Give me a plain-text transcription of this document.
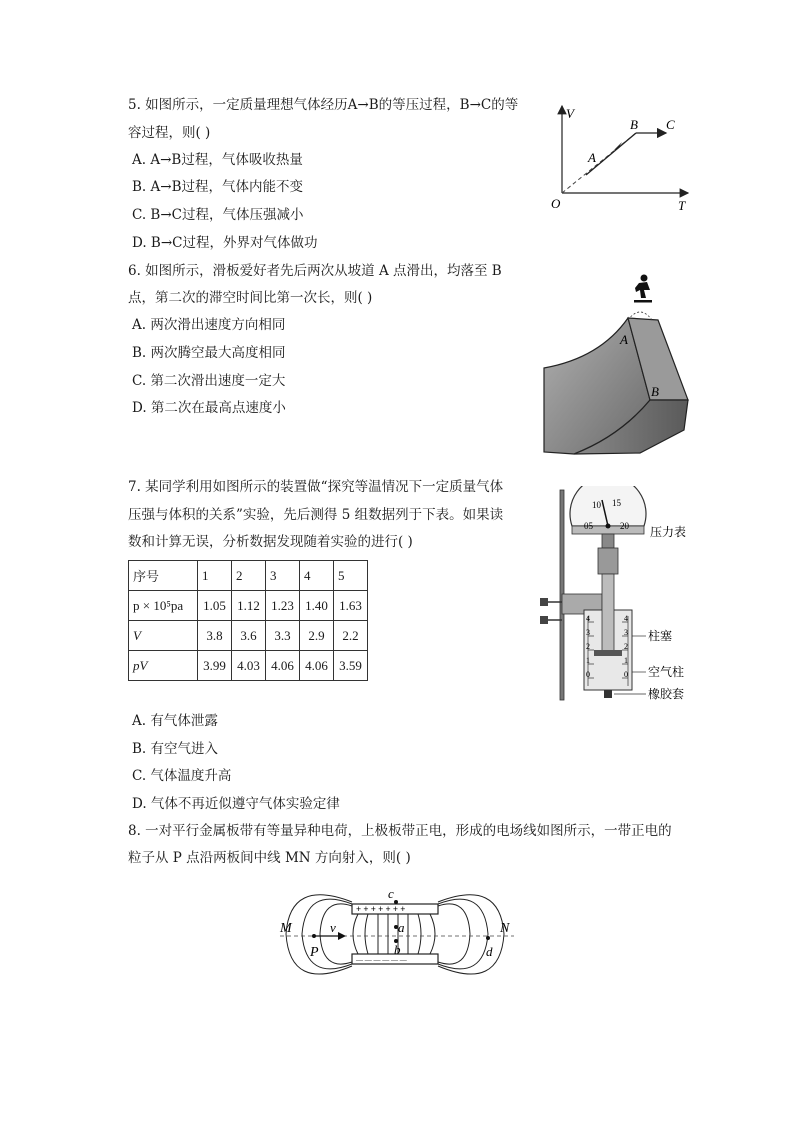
5. 如图所示，一定质量理想气体经历A→B的等压过程，B→C的等
容过程，则( )
A. A→B过程，气体吸收热量
B. A→B过程，气体内能不变
C. B→C过程，气体压强减小
D. B→C过程，外界对气体做功
V
T
O
A
B C
6. 如图所示，滑板爱好者先后两次从坡道 A 点滑出，均落至 B
点，第二次的滞空时间比第一次长，则( )
A. 两次滑出速度方向相同
B. 两次腾空最大高度相同
C. 第二次滑出速度一定大
D. 第二次在最高点速度小
A
B
7. 某同学利用如图所示的装置做“探究等温情况下一定质量气体
压强与体积的关系”实验，先后测得 5 组数据列于下表。如果读
数和计算无误，分析数据发现随着实验的进行( )
序号	1	2	3	4	5
p × 10⁵pa	1.05	1.12	1.23	1.40	1.63
V	3.8	3.6	3.3	2.9	2.2
pV	3.99	4.03	4.06	4.06	3.59
A. 有气体泄露
B. 有空气进入
C. 气体温度升高
D. 气体不再近似遵守气体实验定律
05
10 15
20 压力表
4
3
2
1
0
4
3
2
1
0
柱塞
空气柱
橡胶套
8. 一对平行金属板带有等量异种电荷，上极板带正电，形成的电场线如图所示，一带正电的
粒子从 P 点沿两板间中线 MN 方向射入，则( )
+ + + + + + +
— — — — — —
M	N
P
v	a
b
c
d
